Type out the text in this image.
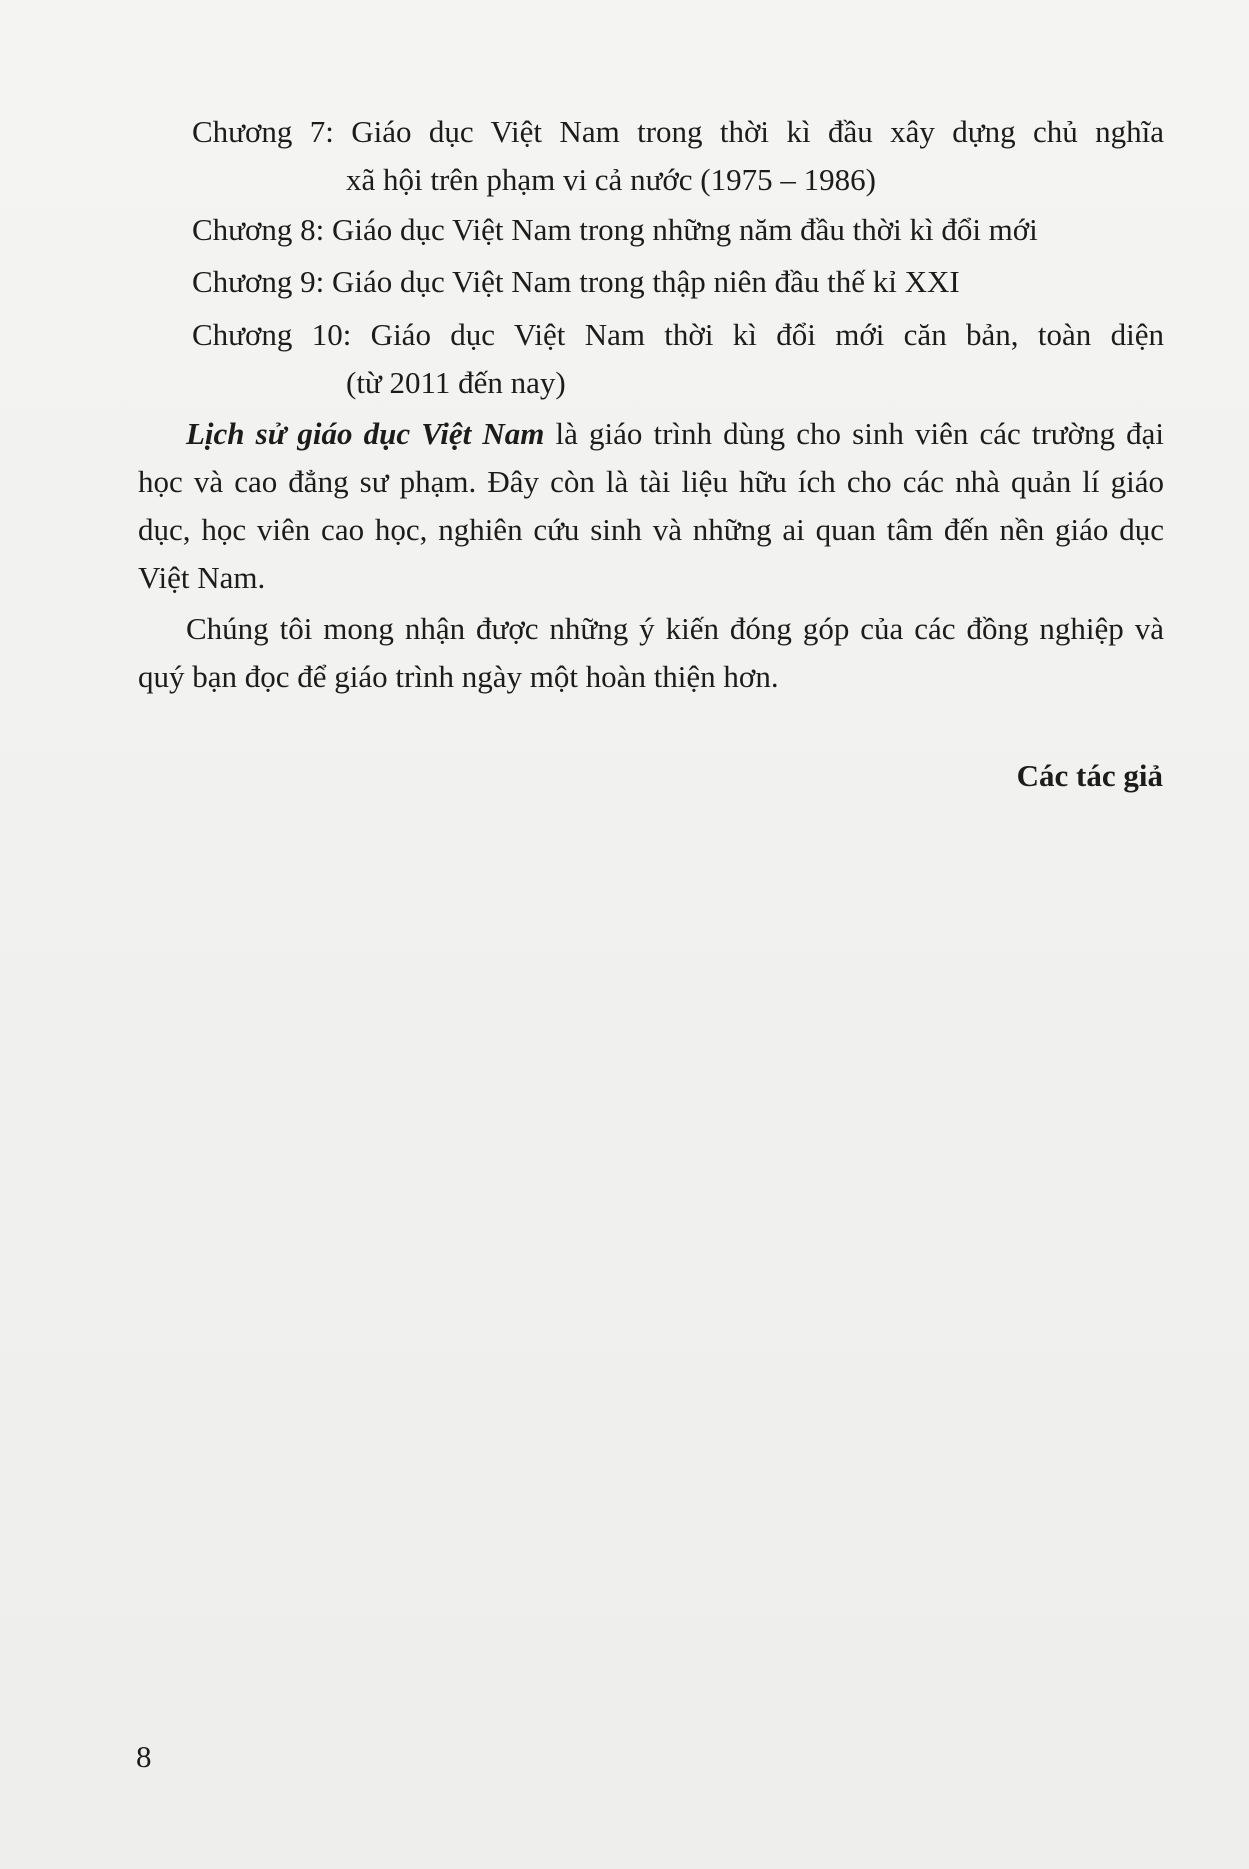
Chương 7: Giáo dục Việt Nam trong thời kì đầu xây dựng chủ nghĩa
xã hội trên phạm vi cả nước (1975 – 1986)
Chương 8: Giáo dục Việt Nam trong những năm đầu thời kì đổi mới
Chương 9: Giáo dục Việt Nam trong thập niên đầu thế kỉ XXI
Chương 10: Giáo dục Việt Nam thời kì đổi mới căn bản, toàn diện
(từ 2011 đến nay)
Lịch sử giáo dục Việt Nam là giáo trình dùng cho sinh viên các trường đại học và cao đẳng sư phạm. Đây còn là tài liệu hữu ích cho các nhà quản lí giáo dục, học viên cao học, nghiên cứu sinh và những ai quan tâm đến nền giáo dục Việt Nam.
Chúng tôi mong nhận được những ý kiến đóng góp của các đồng nghiệp và quý bạn đọc để giáo trình ngày một hoàn thiện hơn.
Các tác giả
8
